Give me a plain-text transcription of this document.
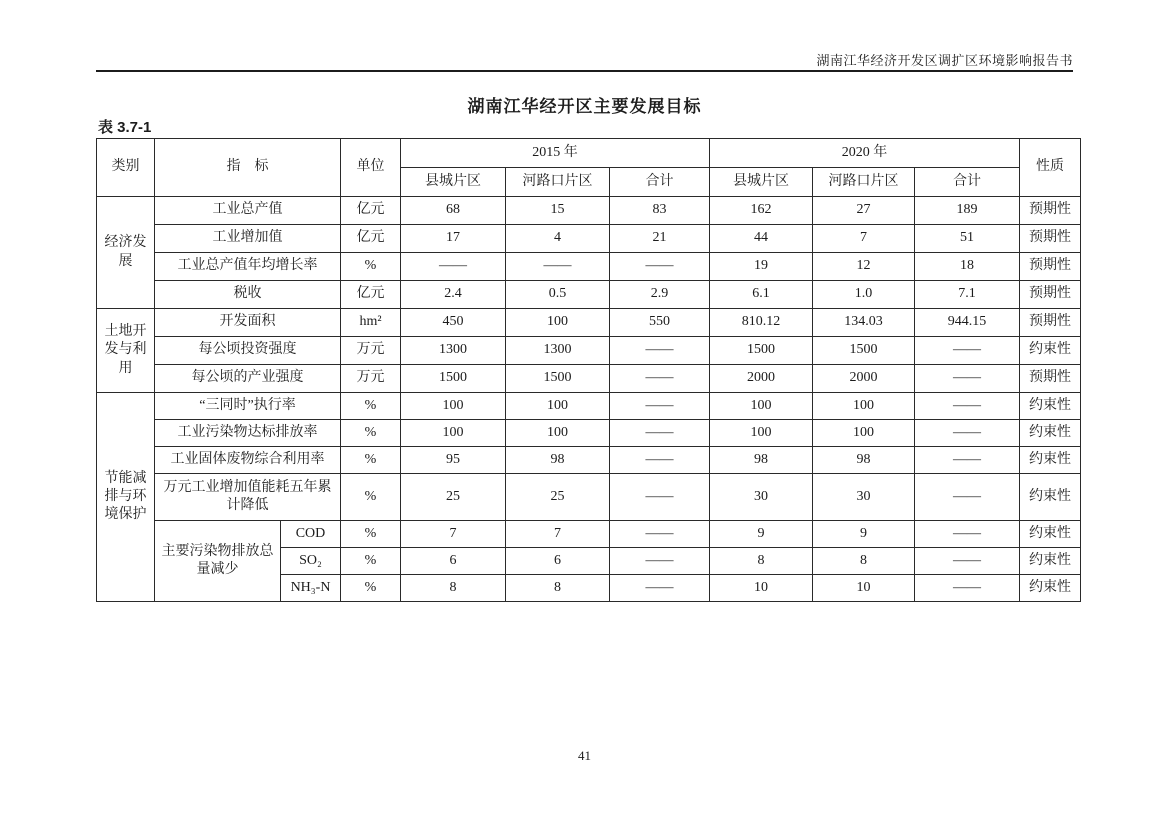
湖南江华经济开发区调扩区环境影响报告书
湖南江华经开区主要发展目标
表 3.7-1
类别	指　标		单位	2015 年			2020 年			性质
				县城片区	河路口片区	合计	县城片区	河路口片区	合计	
经济发展	工业总产值		亿元	68	15	83	162	27	189	预期性
	工业增加值		亿元	17	4	21	44	7	51	预期性
	工业总产值年均增长率		%	——	——	——	19	12	18	预期性
	税收		亿元	2.4	0.5	2.9	6.1	1.0	7.1	预期性
土地开发与利用	开发面积		hm²	450	100	550	810.12	134.03	944.15	预期性
	每公顷投资强度		万元	1300	1300	——	1500	1500	——	约束性
	每公顷的产业强度		万元	1500	1500	——	2000	2000	——	预期性
节能减排与环境保护	“三同时”执行率		%	100	100	——	100	100	——	约束性
	工业污染物达标排放率		%	100	100	——	100	100	——	约束性
	工业固体废物综合利用率		%	95	98	——	98	98	——	约束性
	万元工业增加值能耗五年累计降低		%	25	25	——	30	30	——	约束性
	主要污染物排放总量减少	COD	%	7	7	——	9	9	——	约束性
		SO₂	%	6	6	——	8	8	——	约束性
		NH₃-N	%	8	8	——	10	10	——	约束性
41
